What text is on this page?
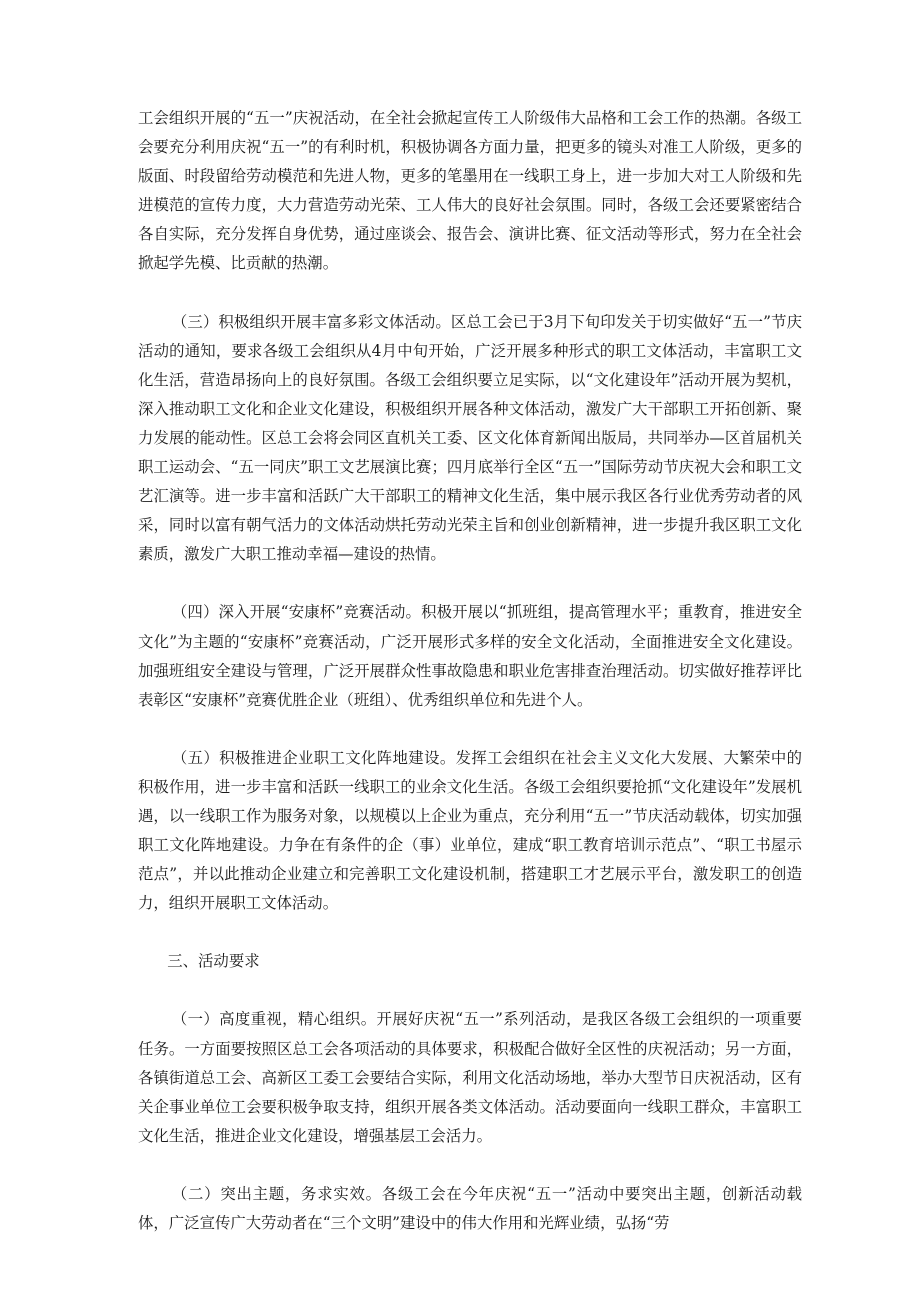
工会组织开展的“五一”庆祝活动，在全社会掀起宣传工人阶级伟大品格和工会工作的热潮。各级工会要充分利用庆祝“五一”的有利时机，积极协调各方面力量，把更多的镜头对准工人阶级，更多的版面、时段留给劳动模范和先进人物，更多的笔墨用在一线职工身上，进一步加大对工人阶级和先进模范的宣传力度，大力营造劳动光荣、工人伟大的良好社会氛围。同时，各级工会还要紧密结合各自实际，充分发挥自身优势，通过座谈会、报告会、演讲比赛、征文活动等形式，努力在全社会掀起学先模、比贡献的热潮。

（三）积极组织开展丰富多彩文体活动。区总工会已于3月下旬印发关于切实做好“五一”节庆活动的通知，要求各级工会组织从4月中旬开始，广泛开展多种形式的职工文体活动，丰富职工文化生活，营造昂扬向上的良好氛围。各级工会组织要立足实际，以“文化建设年”活动开展为契机，深入推动职工文化和企业文化建设，积极组织开展各种文体活动，激发广大干部职工开拓创新、聚力发展的能动性。区总工会将会同区直机关工委、区文化体育新闻出版局，共同举办—区首届机关职工运动会、“五一同庆”职工文艺展演比赛；四月底举行全区“五一”国际劳动节庆祝大会和职工文艺汇演等。进一步丰富和活跃广大干部职工的精神文化生活，集中展示我区各行业优秀劳动者的风采，同时以富有朝气活力的文体活动烘托劳动光荣主旨和创业创新精神，进一步提升我区职工文化素质，激发广大职工推动幸福—建设的热情。

（四）深入开展“安康杯”竞赛活动。积极开展以“抓班组，提高管理水平；重教育，推进安全文化”为主题的“安康杯”竞赛活动，广泛开展形式多样的安全文化活动，全面推进安全文化建设。加强班组安全建设与管理，广泛开展群众性事故隐患和职业危害排查治理活动。切实做好推荐评比表彰区“安康杯”竞赛优胜企业（班组）、优秀组织单位和先进个人。

（五）积极推进企业职工文化阵地建设。发挥工会组织在社会主义文化大发展、大繁荣中的积极作用，进一步丰富和活跃一线职工的业余文化生活。各级工会组织要抢抓“文化建设年”发展机遇，以一线职工作为服务对象，以规模以上企业为重点，充分利用“五一”节庆活动载体，切实加强职工文化阵地建设。力争在有条件的企（事）业单位，建成“职工教育培训示范点”、“职工书屋示范点”，并以此推动企业建立和完善职工文化建设机制，搭建职工才艺展示平台，激发职工的创造力，组织开展职工文体活动。

三、活动要求

（一）高度重视，精心组织。开展好庆祝“五一”系列活动，是我区各级工会组织的一项重要任务。一方面要按照区总工会各项活动的具体要求，积极配合做好全区性的庆祝活动；另一方面，各镇街道总工会、高新区工委工会要结合实际，利用文化活动场地，举办大型节日庆祝活动，区有关企事业单位工会要积极争取支持，组织开展各类文体活动。活动要面向一线职工群众，丰富职工文化生活，推进企业文化建设，增强基层工会活力。

（二）突出主题，务求实效。各级工会在今年庆祝“五一”活动中要突出主题，创新活动载体，广泛宣传广大劳动者在“三个文明”建设中的伟大作用和光辉业绩，弘扬“劳
